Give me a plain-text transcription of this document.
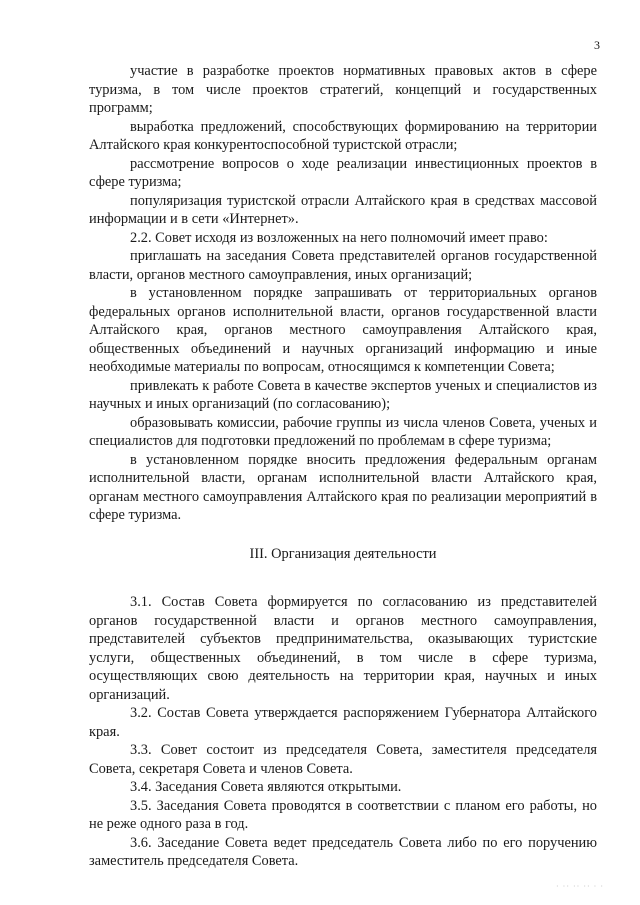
3

участие в разработке проектов нормативных правовых актов в сфере туризма, в том числе проектов стратегий, концепций и государственных программ;

выработка предложений, способствующих формированию на территории Алтайского края конкурентоспособной туристской отрасли;

рассмотрение вопросов о ходе реализации инвестиционных проектов в сфере туризма;

популяризация туристской отрасли Алтайского края в средствах массовой информации и в сети «Интернет».

2.2. Совет исходя из возложенных на него полномочий имеет право:

приглашать на заседания Совета представителей органов государственной власти, органов местного самоуправления, иных организаций;

в установленном порядке запрашивать от территориальных органов федеральных органов исполнительной власти, органов государственной власти Алтайского края, органов местного самоуправления Алтайского края, общественных объединений и научных организаций информацию и иные необходимые материалы по вопросам, относящимся к компетенции Совета;

привлекать к работе Совета в качестве экспертов ученых и специалистов из научных и иных организаций (по согласованию);

образовывать комиссии, рабочие группы из числа членов Совета, ученых и специалистов для подготовки предложений по проблемам в сфере туризма;

в установленном порядке вносить предложения федеральным органам исполнительной власти, органам исполнительной власти Алтайского края, органам местного самоуправления Алтайского края по реализации мероприятий в сфере туризма.

III. Организация деятельности

3.1. Состав Совета формируется по согласованию из представителей органов государственной власти и органов местного самоуправления, представителей субъектов предпринимательства, оказывающих туристские услуги, общественных объединений, в том числе в сфере туризма, осуществляющих свою деятельность на территории края, научных и иных организаций.

3.2. Состав Совета утверждается распоряжением Губернатора Алтайского края.

3.3. Совет состоит из председателя Совета, заместителя председателя Совета, секретаря Совета и членов Совета.

3.4. Заседания Совета являются открытыми.

3.5. Заседания Совета проводятся в соответствии с планом его работы, но не реже одного раза в год.

3.6. Заседание Совета ведет председатель Совета либо по его поручению заместитель председателя Совета.

· ·· ·· ·· · ·
